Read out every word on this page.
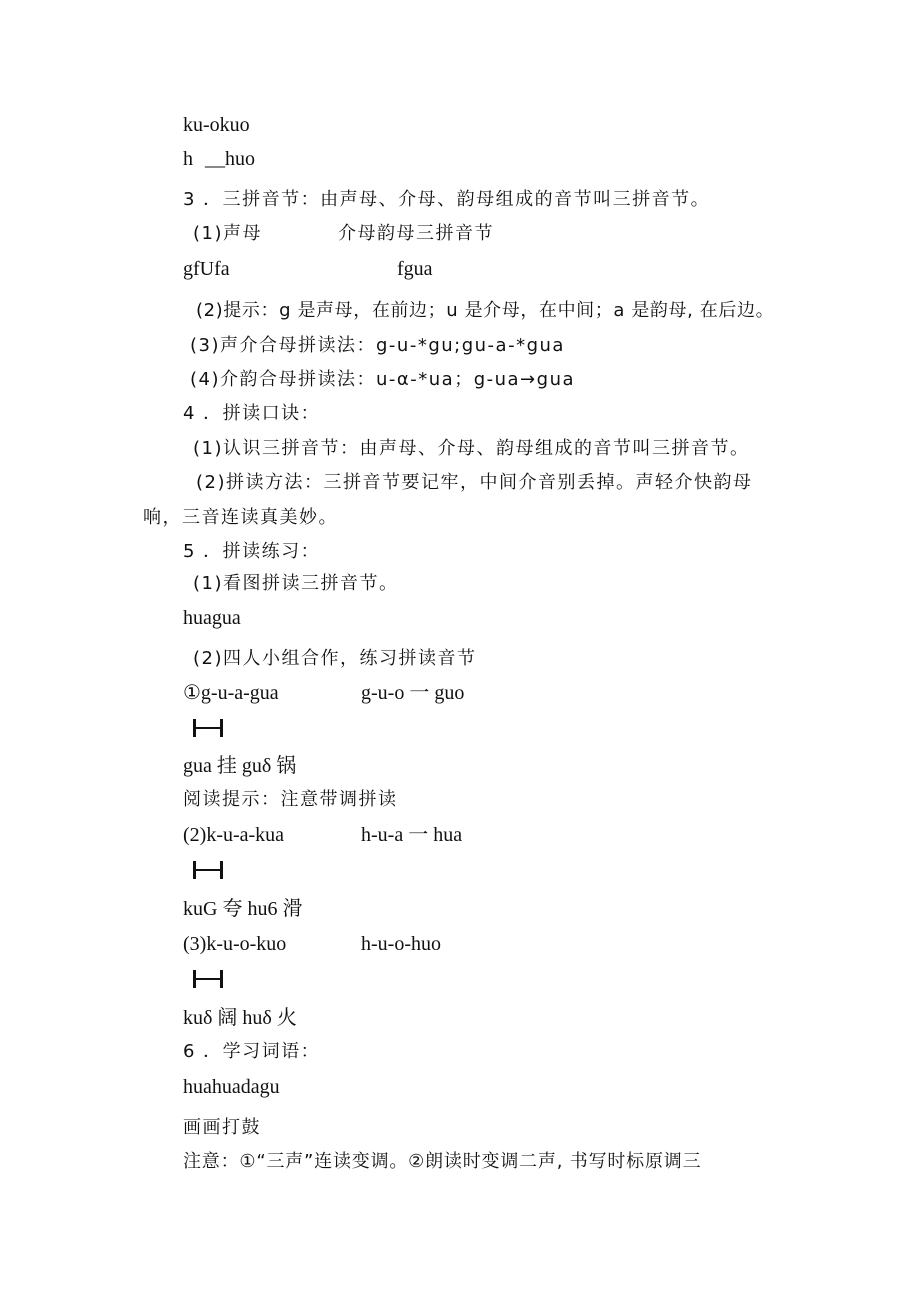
ku-okuo
h __huo
3 ．三拼音节：由声母、介母、韵母组成的音节叫三拼音节。
(1)声母	介母韵母三拼音节
gfUfa	fgua
(2)提示：g 是声母，在前边；u 是介母，在中间；a 是韵母, 在后边。
(3)声介合母拼读法：g-u-*gu;gu-a-*gua
(4)介韵合母拼读法：u-α-*ua；g-ua→gua
4 ．拼读口诀：
(1)认识三拼音节：由声母、介母、韵母组成的音节叫三拼音节。
(2)拼读方法：三拼音节要记牢，中间介音别丢掉。声轻介快韵母
响，三音连读真美妙。
5 ．拼读练习：
(1)看图拼读三拼音节。
huagua
(2)四人小组合作，练习拼读音节
①g-u-a-gua	g-u-o 一 guo
gua 挂 guδ 锅
阅读提示：注意带调拼读
(2)k-u-a-kua	h-u-a 一 hua
kuG 夸 hu6 滑
(3)k-u-o-kuo	h-u-o-huo
kuδ 阔 huδ 火
6 ．学习词语：
huahuadagu
画画打鼓
注意：①“三声”连读变调。②朗读时变调二声, 书写时标原调三
